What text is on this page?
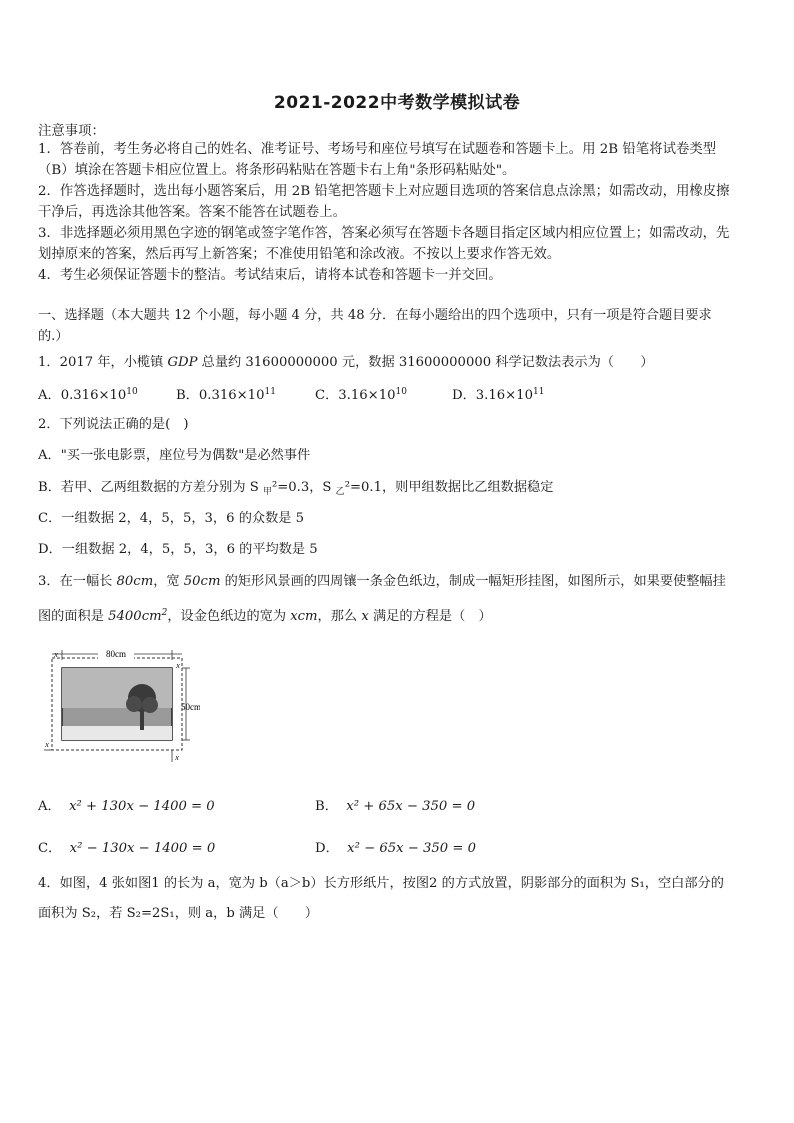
2021-2022中考数学模拟试卷
注意事项：
1．答卷前，考生务必将自己的姓名、准考证号、考场号和座位号填写在试题卷和答题卡上。用 2B 铅笔将试卷类型
（B）填涂在答题卡相应位置上。将条形码粘贴在答题卡右上角"条形码粘贴处"。
2．作答选择题时，选出每小题答案后，用 2B 铅笔把答题卡上对应题目选项的答案信息点涂黑；如需改动，用橡皮擦
干净后，再选涂其他答案。答案不能答在试题卷上。
3．非选择题必须用黑色字迹的钢笔或签字笔作答，答案必须写在答题卡各题目指定区域内相应位置上；如需改动，先
划掉原来的答案，然后再写上新答案；不准使用铅笔和涂改液。不按以上要求作答无效。
4．考生必须保证答题卡的整洁。考试结束后，请将本试卷和答题卡一并交回。
一、选择题（本大题共 12 个小题，每小题 4 分，共 48 分．在每小题给出的四个选项中，只有一项是符合题目要求
的.）
1．2017 年，小榄镇 GDP 总量约 31600000000 元，数据 31600000000 科学记数法表示为（　　）
A．$0.316\times 10^{10}$	B．$0.316\times 10^{11}$	C．$3.16\times 10^{10}$	D．$3.16\times 10^{11}$
2．下列说法正确的是(　)
A．"买一张电影票，座位号为偶数"是必然事件
B．若甲、乙两组数据的方差分别为 S $_甲$²=0.3，S $_乙$²=0.1，则甲组数据比乙组数据稳定
C．一组数据 2，4，5，5，3，6 的众数是 5
D．一组数据 2，4，5，5，3，6 的平均数是 5
3．在一幅长 80cm，宽 50cm 的矩形风景画的四周镶一条金色纸边，制成一幅矩形挂图，如图所示，如果要使整幅挂
图的面积是 $5400cm^2$，设金色纸边的宽为 xcm，那么 x 满足的方程是（　）
80cm
x
x
50cm
x
x
A． x² + 130x − 1400 = 0	B． x² + 65x − 350 = 0
C． x² − 130x − 1400 = 0	D． x² − 65x − 350 = 0
4．如图，4 张如图1 的长为 a，宽为 b（a＞b）长方形纸片，按图2 的方式放置，阴影部分的面积为 S₁，空白部分的
面积为 S₂，若 S₂=2S₁，则 a，b 满足（　　）
